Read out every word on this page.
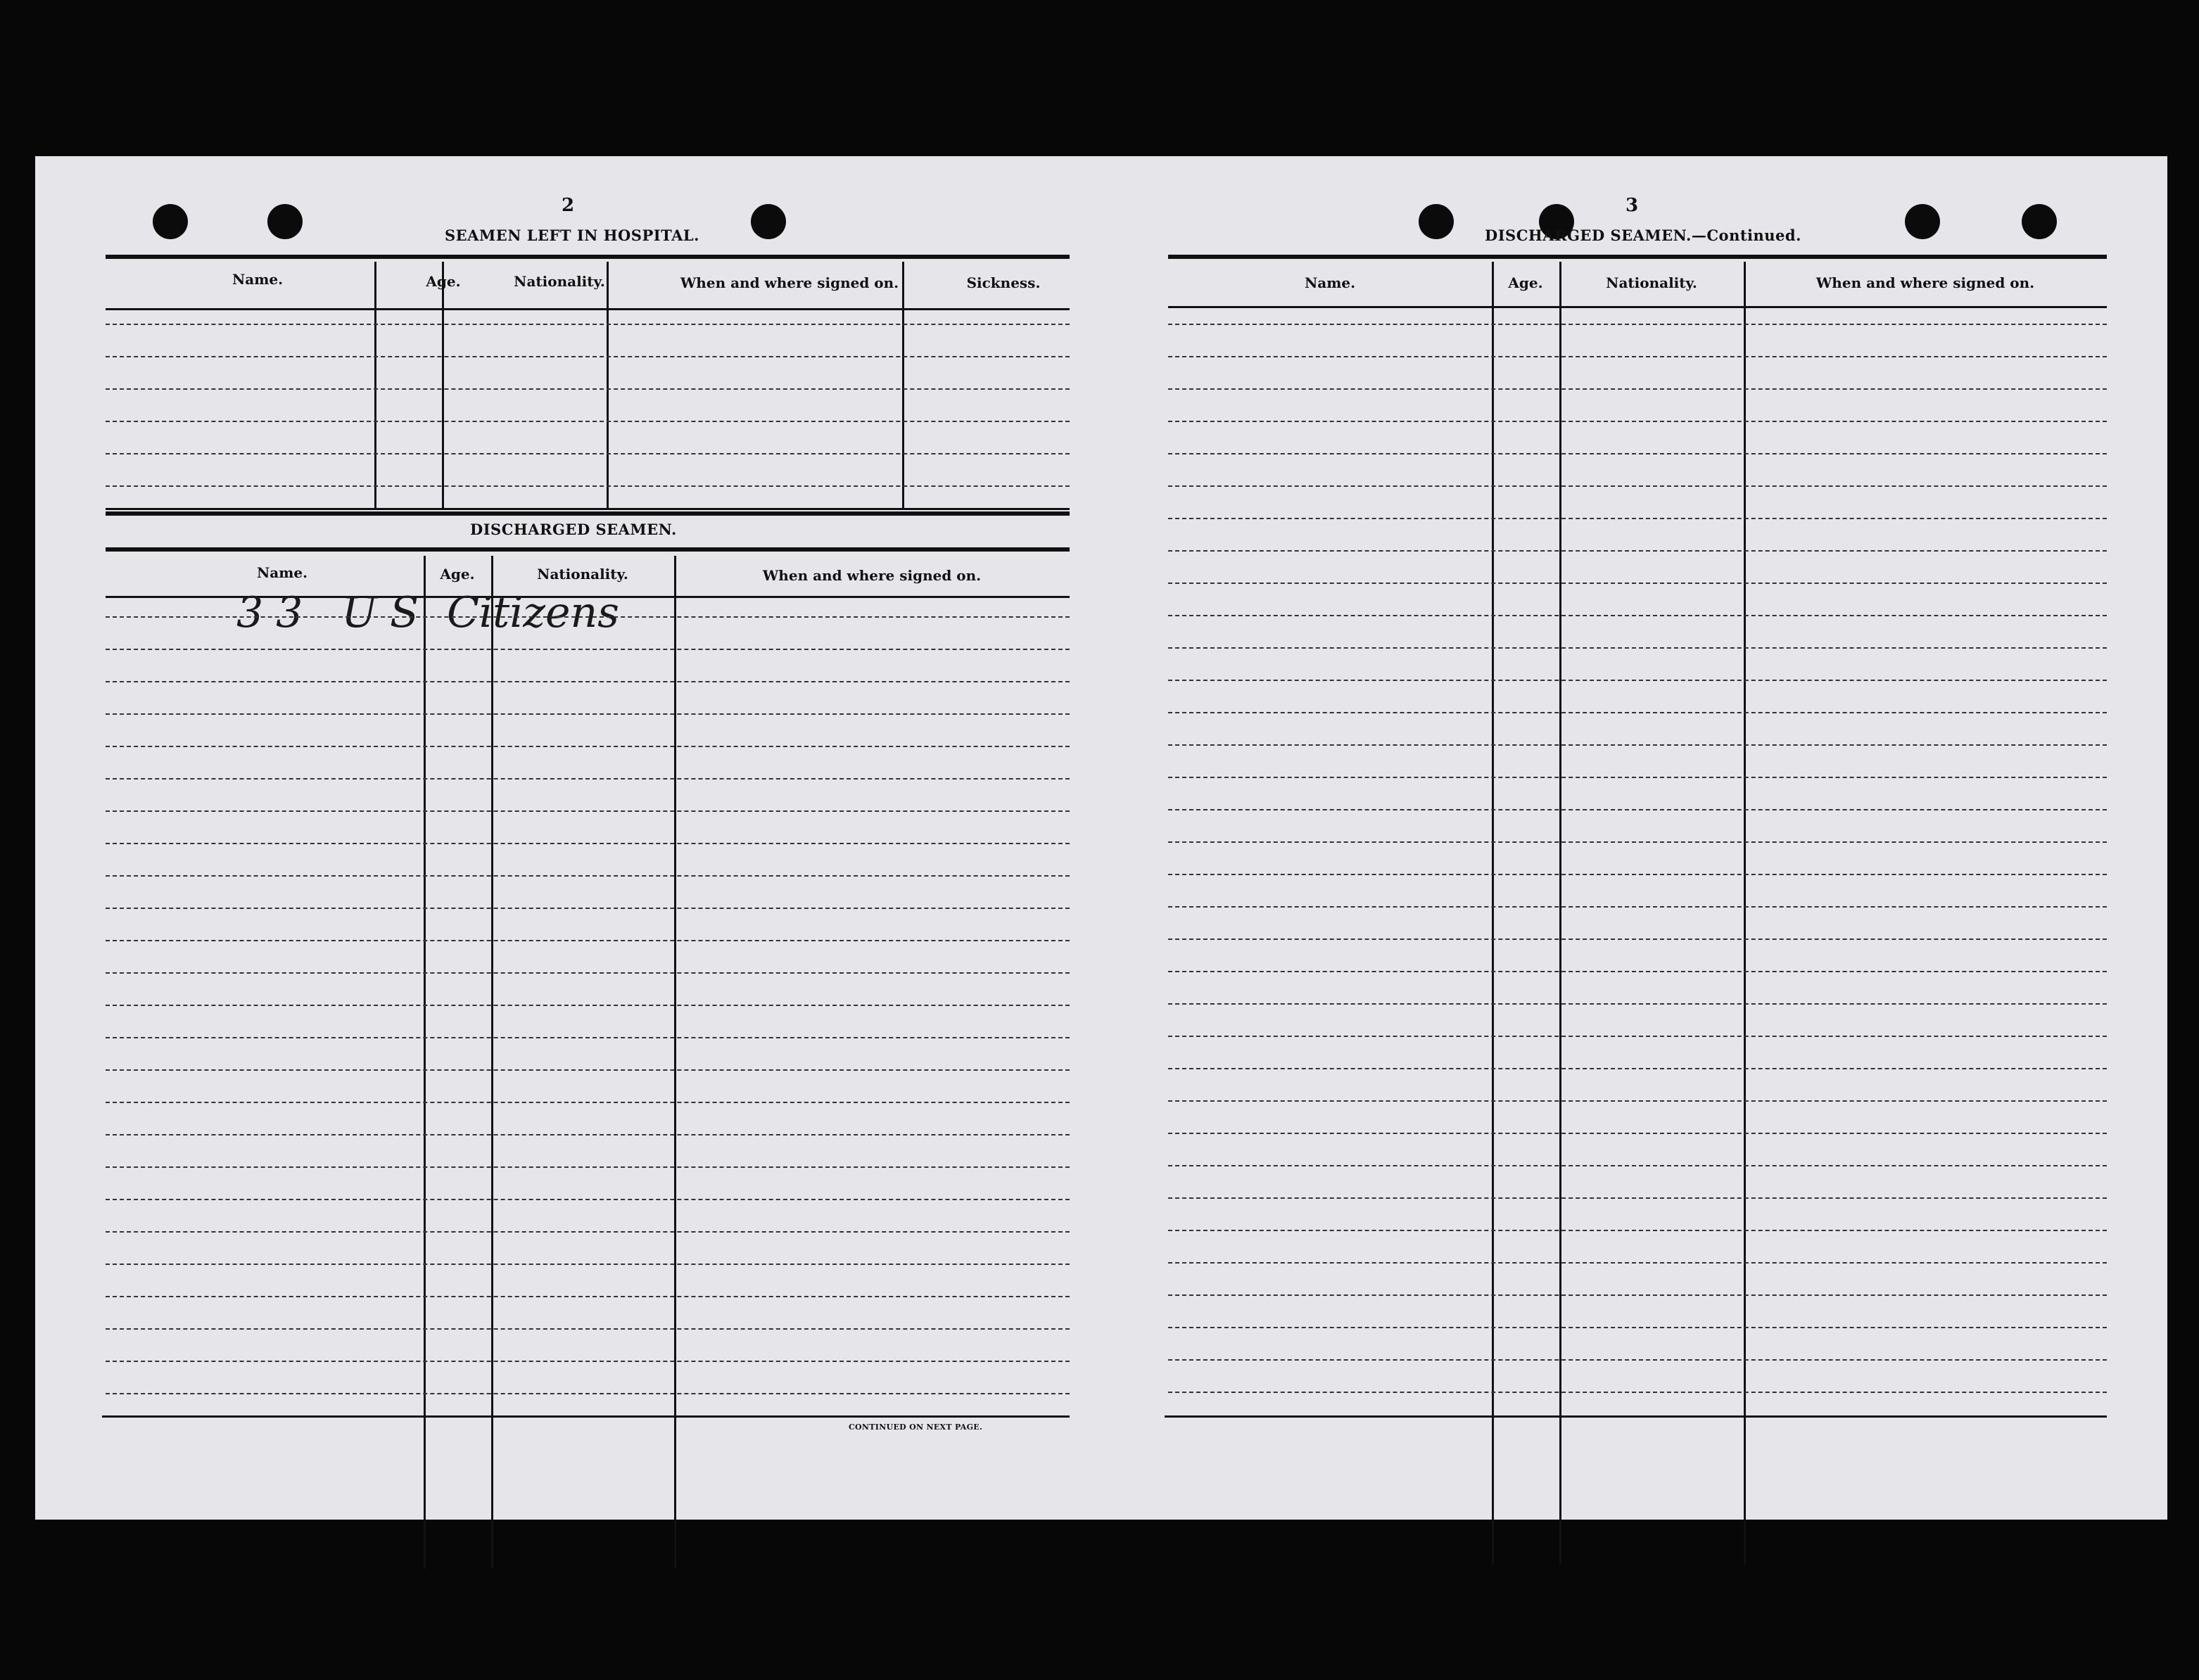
2
SEAMEN LEFT IN HOSPITAL.
Name.	Age.	Nationality.	When and where signed on.	Sickness.
DISCHARGED SEAMEN.
Name.	Age.	Nationality.	When and where signed on.
33 US Citizens
CONTINUED ON NEXT PAGE.
3
DISCHARGED SEAMEN.—Continued.
Name.	Age.	Nationality.	When and where signed on.
